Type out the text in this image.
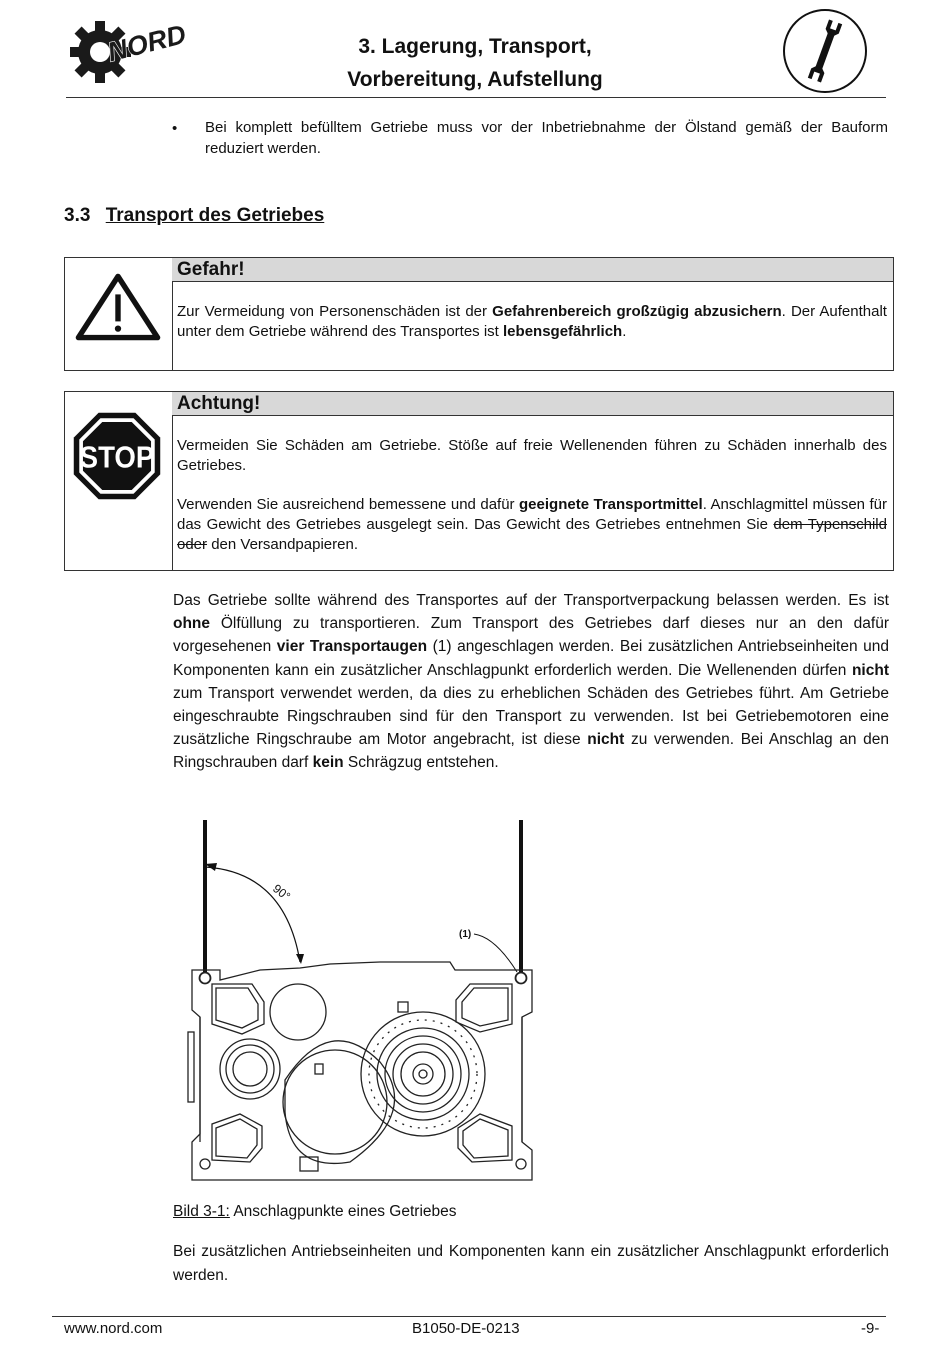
NORD	3. Lagerung, Transport,
Vorbereitung, Aufstellung
• Bei komplett befülltem Getriebe muss vor der Inbetriebnahme der Ölstand gemäß der Bauform reduziert werden.
3.3 Transport des Getriebes
Gefahr!
Zur Vermeidung von Personenschäden ist der Gefahrenbereich großzügig abzusichern. Der Aufenthalt unter dem Getriebe während des Transportes ist lebensgefährlich.
STOP
Achtung!
Vermeiden Sie Schäden am Getriebe. Stöße auf freie Wellenenden führen zu Schäden innerhalb des Getriebes.
Verwenden Sie ausreichend bemessene und dafür geeignete Transportmittel. Anschlagmittel müssen für das Gewicht des Getriebes ausgelegt sein. Das Gewicht des Getriebes entnehmen Sie dem Typenschild oder den Versandpapieren.
Das Getriebe sollte während des Transportes auf der Transportverpackung belassen werden. Es ist ohne Ölfüllung zu transportieren. Zum Transport des Getriebes darf dieses nur an den dafür vorgesehenen vier Transportaugen (1) angeschlagen werden. Bei zusätzlichen Antriebseinheiten und Komponenten kann ein zusätzlicher Anschlagpunkt erforderlich werden. Die Wellenenden dürfen nicht zum Transport verwendet werden, da dies zu erheblichen Schäden des Getriebes führt. Am Getriebe eingeschraubte Ringschrauben sind für den Transport zu verwenden. Ist bei Getriebemotoren eine zusätzliche Ringschraube am Motor angebracht, ist diese nicht zu verwenden. Bei Anschlag an den Ringschrauben darf kein Schrägzug entstehen.
90°
(1)
Bild 3-1: Anschlagpunkte eines Getriebes
Bei zusätzlichen Antriebseinheiten und Komponenten kann ein zusätzlicher Anschlagpunkt erforderlich werden.
www.nord.com	B1050-DE-0213	-9-
